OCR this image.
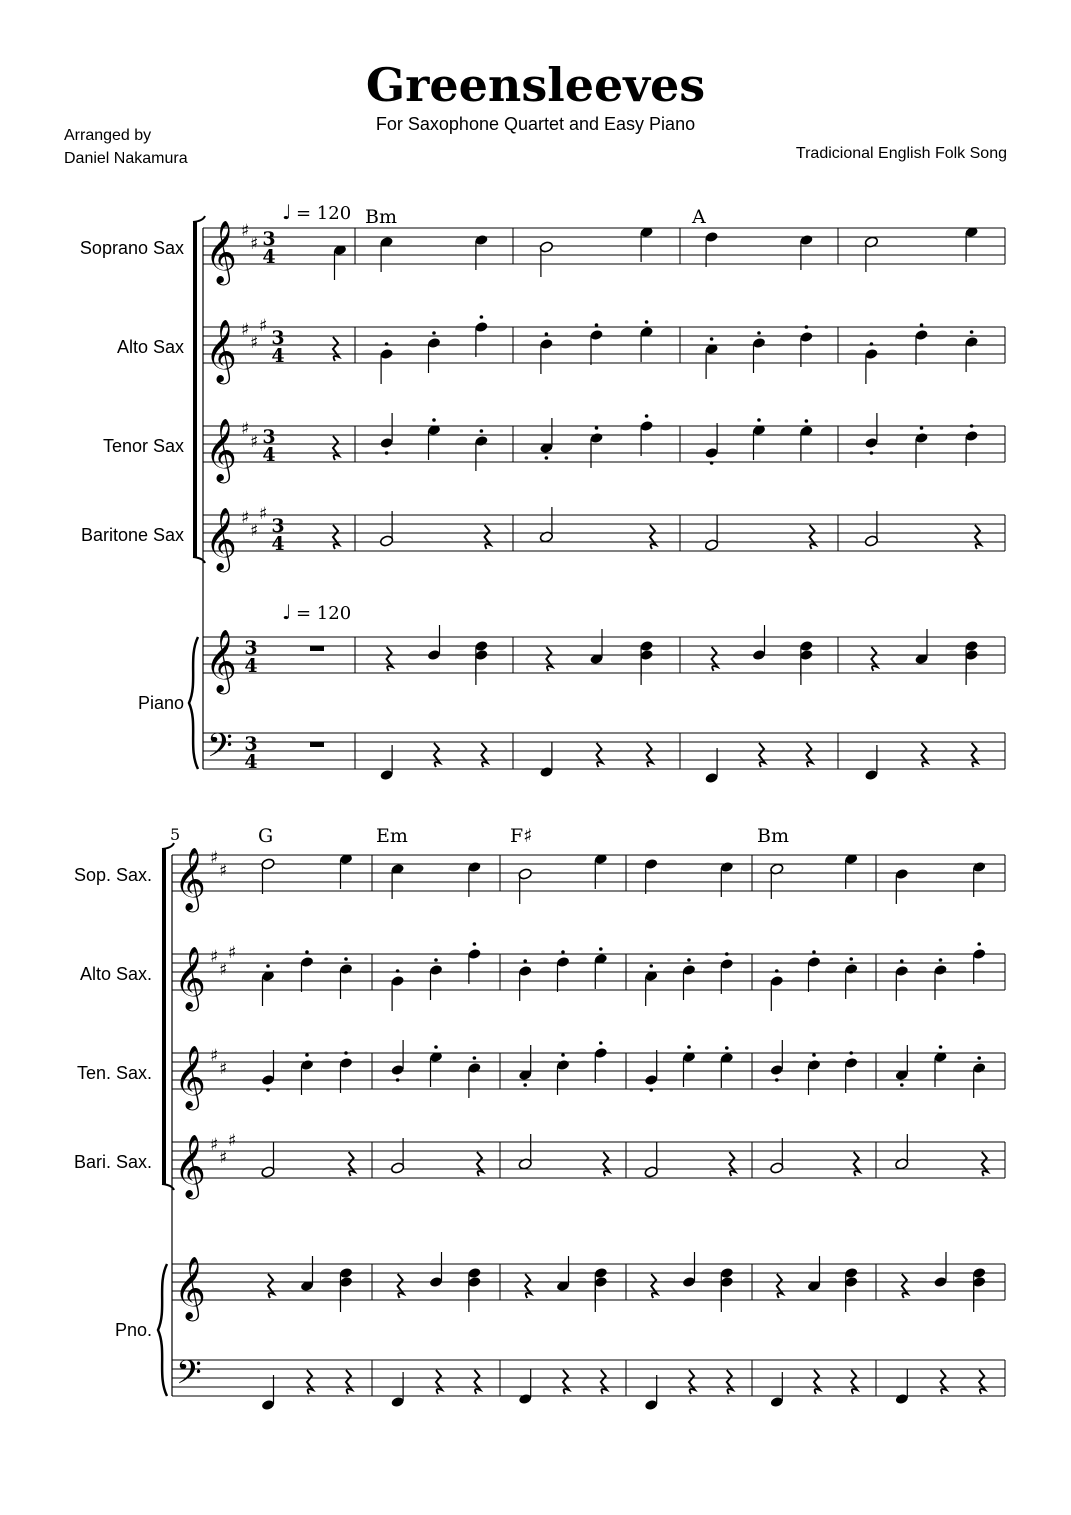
Greensleeves
For Saxophone Quartet and Easy Piano
Arranged by
Daniel Nakamura	Tradicional English Folk Song
𝄞 ♯
♯ 3
4
Soprano Sax
𝄞 ♯
♯
♯
3
4
Alto Sax
𝄞 ♯
♯ 3
4
Tenor Sax
𝄞 ♯
♯
♯
3
4
Baritone Sax
𝄞 3
4
Piano
𝄢 3
4
Bm	A
♩ = 120
♩ = 120
𝄞 ♯
♯
Sop. Sax.
𝄞 ♯
♯
♯
Alto Sax.
𝄞 ♯
♯
Ten. Sax.
𝄞 ♯
♯
♯
Bari. Sax.
𝄞
Pno.
𝄢
G	Em	F♯	Bm
5
